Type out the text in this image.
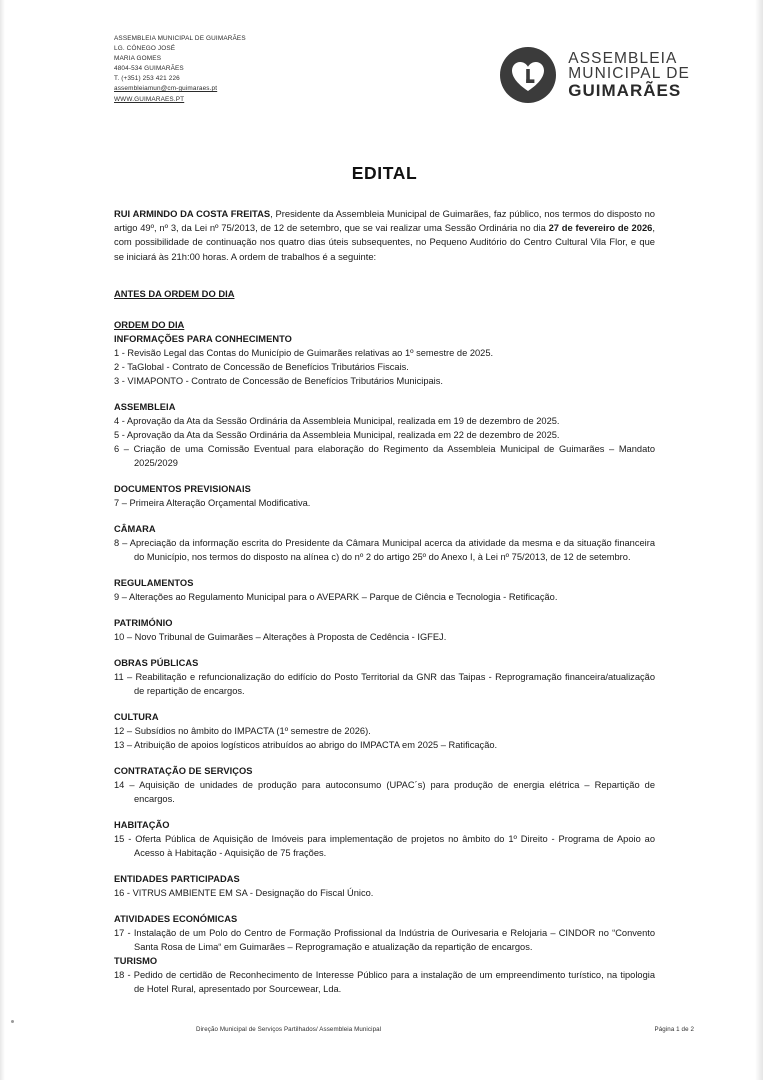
ASSEMBLEIA MUNICIPAL DE GUIMARÃES
LG. CÓNEGO JOSÉ
MARIA GOMES
4804-534 GUIMARÃES
T. (+351) 253 421 226
assembleiamun@cm-guimaraes.pt
WWW.GUIMARAES.PT
ASSEMBLEIA
MUNICIPAL DE
GUIMARÃES
EDITAL

RUI ARMINDO DA COSTA FREITAS, Presidente da Assembleia Municipal de Guimarães, faz público, nos termos do disposto no artigo 49º, nº 3, da Lei nº 75/2013, de 12 de setembro, que se vai realizar uma Sessão Ordinária no dia 27 de fevereiro de 2026, com possibilidade de continuação nos quatro dias úteis subsequentes, no Pequeno Auditório do Centro Cultural Vila Flor, e que se iniciará às 21h:00 horas. A ordem de trabalhos é a seguinte:

ANTES DA ORDEM DO DIA

ORDEM DO DIA

INFORMAÇÕES PARA CONHECIMENTO

1 - Revisão Legal das Contas do Município de Guimarães relativas ao 1º semestre de 2025.

2 - TaGlobal - Contrato de Concessão de Benefícios Tributários Fiscais.

3 - VIMAPONTO - Contrato de Concessão de Benefícios Tributários Municipais.

ASSEMBLEIA

4 - Aprovação da Ata da Sessão Ordinária da Assembleia Municipal, realizada em 19 de dezembro de 2025.

5 - Aprovação da Ata da Sessão Ordinária da Assembleia Municipal, realizada em 22 de dezembro de 2025.

6 – Criação de uma Comissão Eventual para elaboração do Regimento da Assembleia Municipal de Guimarães – Mandato 2025/2029

DOCUMENTOS PREVISIONAIS

7 – Primeira Alteração Orçamental Modificativa.

CÂMARA

8 – Apreciação da informação escrita do Presidente da Câmara Municipal acerca da atividade da mesma e da situação financeira do Município, nos termos do disposto na alínea c) do nº 2 do artigo 25º do Anexo I, à Lei nº 75/2013, de 12 de setembro.

REGULAMENTOS

9 – Alterações ao Regulamento Municipal para o AVEPARK – Parque de Ciência e Tecnologia - Retificação.

PATRIMÓNIO

10 – Novo Tribunal de Guimarães – Alterações à Proposta de Cedência - IGFEJ.

OBRAS PÚBLICAS

11 – Reabilitação e refuncionalização do edifício do Posto Territorial da GNR das Taipas - Reprogramação financeira/atualização de repartição de encargos.

CULTURA

12 – Subsídios no âmbito do IMPACTA (1º semestre de 2026).

13 – Atribuição de apoios logísticos atribuídos ao abrigo do IMPACTA em 2025 – Ratificação.

CONTRATAÇÃO DE SERVIÇOS

14 – Aquisição de unidades de produção para autoconsumo (UPAC´s) para produção de energia elétrica – Repartição de encargos.

HABITAÇÃO

15 - Oferta Pública de Aquisição de Imóveis para implementação de projetos no âmbito do 1º Direito - Programa de Apoio ao Acesso à Habitação - Aquisição de 75 frações.

ENTIDADES PARTICIPADAS

16 - VITRUS AMBIENTE EM SA - Designação do Fiscal Único.

ATIVIDADES ECONÓMICAS

17 - Instalação de um Polo do Centro de Formação Profissional da Indústria de Ourivesaria e Relojaria – CINDOR no “Convento Santa Rosa de Lima“ em Guimarães – Reprogramação e atualização da repartição de encargos.

TURISMO

18 - Pedido de certidão de Reconhecimento de Interesse Público para a instalação de um empreendimento turístico, na tipologia de Hotel Rural, apresentado por Sourcewear, Lda.

Direção Municipal de Serviços Partilhados/ Assembleia Municipal	Página 1 de 2
